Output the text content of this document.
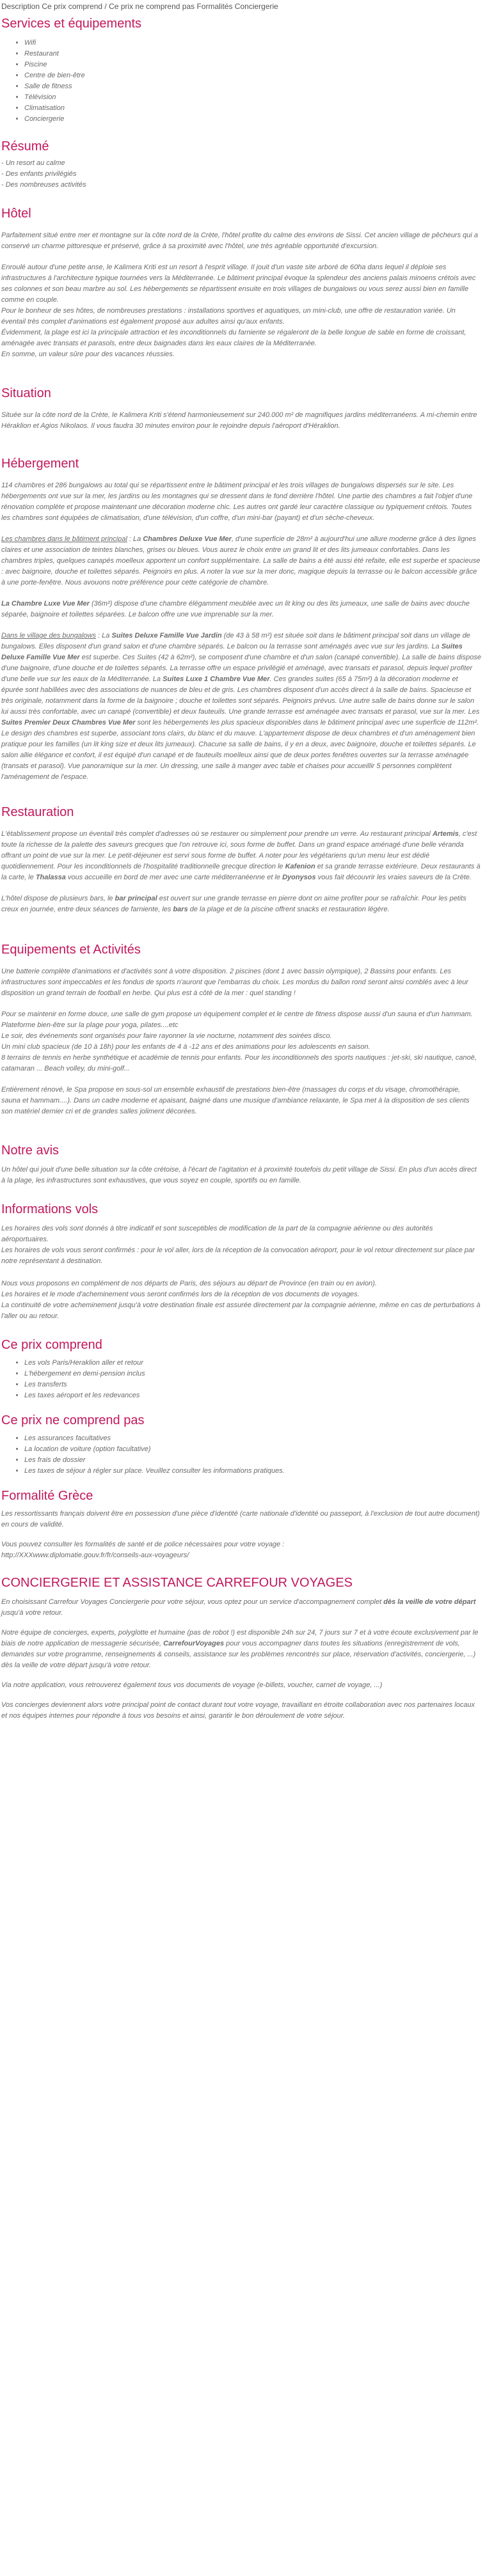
Description Ce prix comprend / Ce prix ne comprend pas Formalités Conciergerie
Services et équipements
• Wifi
• Restaurant
• Piscine
• Centre de bien-être
• Salle de fitness
• Télévision
• Climatisation
• Conciergerie
Résumé
- Un resort au calme
- Des enfants privilégiés
- Des nombreuses activités
Hôtel

Parfaitement situé entre mer et montagne sur la côte nord de la Crète, l'hôtel profite du calme des environs de Sissi. Cet ancien village de pêcheurs qui a conservé un charme pittoresque et préservé, grâce à sa proximité avec l'hôtel, une très agréable opportunité d'excursion.

Enroulé autour d'une petite anse, le Kalimera Kriti est un resort à l'esprit village. Il jouit d'un vaste site arboré de 60ha dans lequel il déploie ses infrastructures à l'architecture typique tournées vers la Méditerranée. Le bâtiment principal évoque la splendeur des anciens palais minoens crétois avec ses colonnes et son beau marbre au sol. Les hébergements se répartissent ensuite en trois villages de bungalows ou vous serez aussi bien en famille comme en couple.
Pour le bonheur de ses hôtes, de nombreuses prestations : installations sportives et aquatiques, un mini-club, une offre de restauration variée. Un éventail très complet d'animations est également proposé aux adultes ainsi qu'aux enfants.
Évidemment, la plage est ici la principale attraction et les inconditionnels du farniente se régaleront de la belle longue de sable en forme de croissant, aménagée avec transats et parasols, entre deux baignades dans les eaux claires de la Méditerranée.
En somme, un valeur sûre pour des vacances réussies.

Situation

Située sur la côte nord de la Crète, le Kalimera Kriti s'étend harmonieusement sur 240.000 m² de magnifiques jardins méditerranéens. A mi-chemin entre Héraklion et Agios Nikolaos. Il vous faudra 30 minutes environ pour le rejoindre depuis l'aéroport d'Héraklion.

Hébergement

114 chambres et 286 bungalows au total qui se répartissent entre le bâtiment principal et les trois villages de bungalows dispersés sur le site. Les hébergements ont vue sur la mer, les jardins ou les montagnes qui se dressent dans le fond derrière l'hôtel. Une partie des chambres a fait l'objet d'une rénovation complète et propose maintenant une décoration moderne chic. Les autres ont gardé leur caractère classique ou typiquement crétois. Toutes les chambres sont équipées de climatisation, d'une télévision, d'un coffre, d'un mini-bar (payant) et d'un sèche-cheveux.

Les chambres dans le bâtiment principal : La Chambres Deluxe Vue Mer, d'une superficie de 28m² à aujourd'hui une allure moderne grâce à des lignes claires et une association de teintes blanches, grises ou bleues. Vous aurez le choix entre un grand lit et des lits jumeaux confortables. Dans les chambres triples, quelques canapés moelleux apportent un confort supplémentaire. La salle de bains a été aussi été refaite, elle est superbe et spacieuse : avec baignoire, douche et toilettes séparés. Peignoirs en plus. A noter la vue sur la mer donc, magique depuis la terrasse ou le balcon accessible grâce à une porte-fenêtre. Nous avouons notre préférence pour cette catégorie de chambre.

La Chambre Luxe Vue Mer (36m²) dispose d'une chambre élégamment meublée avec un lit king ou des lits jumeaux, une salle de bains avec douche séparée, baignoire et toilettes séparées. Le balcon offre une vue imprenable sur la mer.

Dans le village des bungalows : La Suites Deluxe Famille Vue Jardin (de 43 à 58 m²) est située soit dans le bâtiment principal soit dans un village de bungalows. Elles disposent d'un grand salon et d'une chambre séparés. Le balcon ou la terrasse sont aménagés avec vue sur les jardins. La Suites Deluxe Famille Vue Mer est superbe. Ces Suites (42 à 62m²), se composent d'une chambre et d'un salon (canapé convertible). La salle de bains dispose d'une baignoire, d'une douche et de toilettes séparés. La terrasse offre un espace privilégié et aménagé, avec transats et parasol, depuis lequel profiter d'une belle vue sur les eaux de la Méditerranée. La Suites Luxe 1 Chambre Vue Mer. Ces grandes suites (65 à 75m²) à la décoration moderne et épurée sont habillées avec des associations de nuances de bleu et de gris. Les chambres disposent d'un accès direct à la salle de bains. Spacieuse et très originale, notamment dans la forme de la baignoire ; douche et toilettes sont séparés. Peignoirs prévus. Une autre salle de bains donne sur le salon lui aussi très confortable, avec un canapé (convertible) et deux fauteuils. Une grande terrasse est aménagée avec transats et parasol, vue sur la mer. Les Suites Premier Deux Chambres Vue Mer sont les hébergements les plus spacieux disponibles dans le bâtiment principal avec une superficie de 112m². Le design des chambres est superbe, associant tons clairs, du blanc et du mauve. L'appartement dispose de deux chambres et d'un aménagement bien pratique pour les familles (un lit king size et deux lits jumeaux). Chacune sa salle de bains, il y en a deux, avec baignoire, douche et toilettes séparés. Le salon allie élégance et confort, il est équipé d'un canapé et de fauteuils moelleux ainsi que de deux portes fenêtres ouvertes sur la terrasse aménagée (transats et parasol). Vue panoramique sur la mer. Un dressing, une salle à manger avec table et chaises pour accueillir 5 personnes complètent l'aménagement de l'espace.

Restauration

L'établissement propose un éventail très complet d'adresses où se restaurer ou simplement pour prendre un verre. Au restaurant principal Artemis, c'est toute la richesse de la palette des saveurs grecques que l'on retrouve ici, sous forme de buffet. Dans un grand espace aménagé d'une belle véranda offrant un point de vue sur la mer. Le petit-déjeuner est servi sous forme de buffet. A noter pour les végétariens qu'un menu leur est dédié quotidiennement. Pour les inconditionnels de l'hospitalité traditionnelle grecque direction le Kafenion et sa grande terrasse extérieure. Deux restaurants à la carte, le Thalassa vous accueille en bord de mer avec une carte méditerranéenne et le Dyonysos vous fait découvrir les vraies saveurs de la Crète.

L'hôtel dispose de plusieurs bars, le bar principal est ouvert sur une grande terrasse en pierre dont on aime profiter pour se rafraîchir. Pour les petits creux en journée, entre deux séances de farniente, les bars de la plage et de la piscine offrent snacks et restauration légère.

Equipements et Activités

Une batterie complète d'animations et d'activités sont à votre disposition. 2 piscines (dont 1 avec bassin olympique), 2 Bassins pour enfants. Les infrastructures sont impeccables et les fondus de sports n'auront que l'embarras du choix. Les mordus du ballon rond seront ainsi comblés avec à leur disposition un grand terrain de football en herbe. Qui plus est à côté de la mer : quel standing !

Pour se maintenir en forme douce, une salle de gym propose un équipement complet et le centre de fitness dispose aussi d'un sauna et d'un hammam. Plateforme bien-être sur la plage pour yoga, pilates....etc
Le soir, des événements sont organisés pour faire rayonner la vie nocturne, notamment des soirées disco.
Un mini club spacieux (de 10 à 18h) pour les enfants de 4 à -12 ans et des animations pour les adolescents en saison.
8 terrains de tennis en herbe synthétique et académie de tennis pour enfants. Pour les inconditionnels des sports nautiques : jet-ski, ski nautique, canoë, catamaran ... Beach volley, du mini-golf...

Entièrement rénové, le Spa propose en sous-sol un ensemble exhaustif de prestations bien-être (massages du corps et du visage, chromothérapie, sauna et hammam....). Dans un cadre moderne et apaisant, baigné dans une musique d'ambiance relaxante, le Spa met à la disposition de ses clients son matériel dernier cri et de grandes salles joliment décorées.

Notre avis

Un hôtel qui jouit d'une belle situation sur la côte crétoise, à l'écart de l'agitation et à proximité toutefois du petit village de Sissi. En plus d'un accès direct à la plage, les infrastructures sont exhaustives, que vous soyez en couple, sportifs ou en famille.

Informations vols

Les horaires des vols sont donnés à titre indicatif et sont susceptibles de modification de la part de la compagnie aérienne ou des autorités aéroportuaires.
Les horaires de vols vous seront confirmés : pour le vol aller, lors de la réception de la convocation aéroport, pour le vol retour directement sur place par notre représentant à destination.

Nous vous proposons en complément de nos départs de Paris, des séjours au départ de Province (en train ou en avion).
Les horaires et le mode d'acheminement vous seront confirmés lors de la réception de vos documents de voyages.
La continuité de votre acheminement jusqu'à votre destination finale est assurée directement par la compagnie aérienne, même en cas de perturbations à l'aller ou au retour.

Ce prix comprend
• Les vols Paris/Heraklion aller et retour
• L'hébergement en demi-pension inclus
• Les transferts
• Les taxes aéroport et les redevances
Ce prix ne comprend pas
• Les assurances facultatives
• La location de voiture (option facultative)
• Les frais de dossier
• Les taxes de séjour à régler sur place. Veuillez consulter les informations pratiques.
Formalité Grèce

Les ressortissants français doivent être en possession d'une pièce d'identité (carte nationale d'identité ou passeport, à l'exclusion de tout autre document) en cours de validité.

Vous pouvez consulter les formalités de santé et de police nécessaires pour votre voyage :
http://XXXwww.diplomatie.gouv.fr/fr/conseils-aux-voyageurs/

CONCIERGERIE ET ASSISTANCE CARREFOUR VOYAGES

En choisissant Carrefour Voyages Conciergerie pour votre séjour, vous optez pour un service d'accompagnement complet dès la veille de votre départ jusqu'à votre retour.

Notre équipe de concierges, experts, polyglotte et humaine (pas de robot !) est disponible 24h sur 24, 7 jours sur 7 et à votre écoute exclusivement par le biais de notre application de messagerie sécurisée, CarrefourVoyages pour vous accompagner dans toutes les situations (enregistrement de vols, demandes sur votre programme, renseignements & conseils, assistance sur les problèmes rencontrés sur place, réservation d'activités, conciergerie, ...) dès la veille de votre départ jusqu'à votre retour.

Via notre application, vous retrouverez également tous vos documents de voyage (e-billets, voucher, carnet de voyage, ...)

Vos concierges deviennent alors votre principal point de contact durant tout votre voyage, travaillant en étroite collaboration avec nos partenaires locaux et nos équipes internes pour répondre à tous vos besoins et ainsi, garantir le bon déroulement de votre séjour.
